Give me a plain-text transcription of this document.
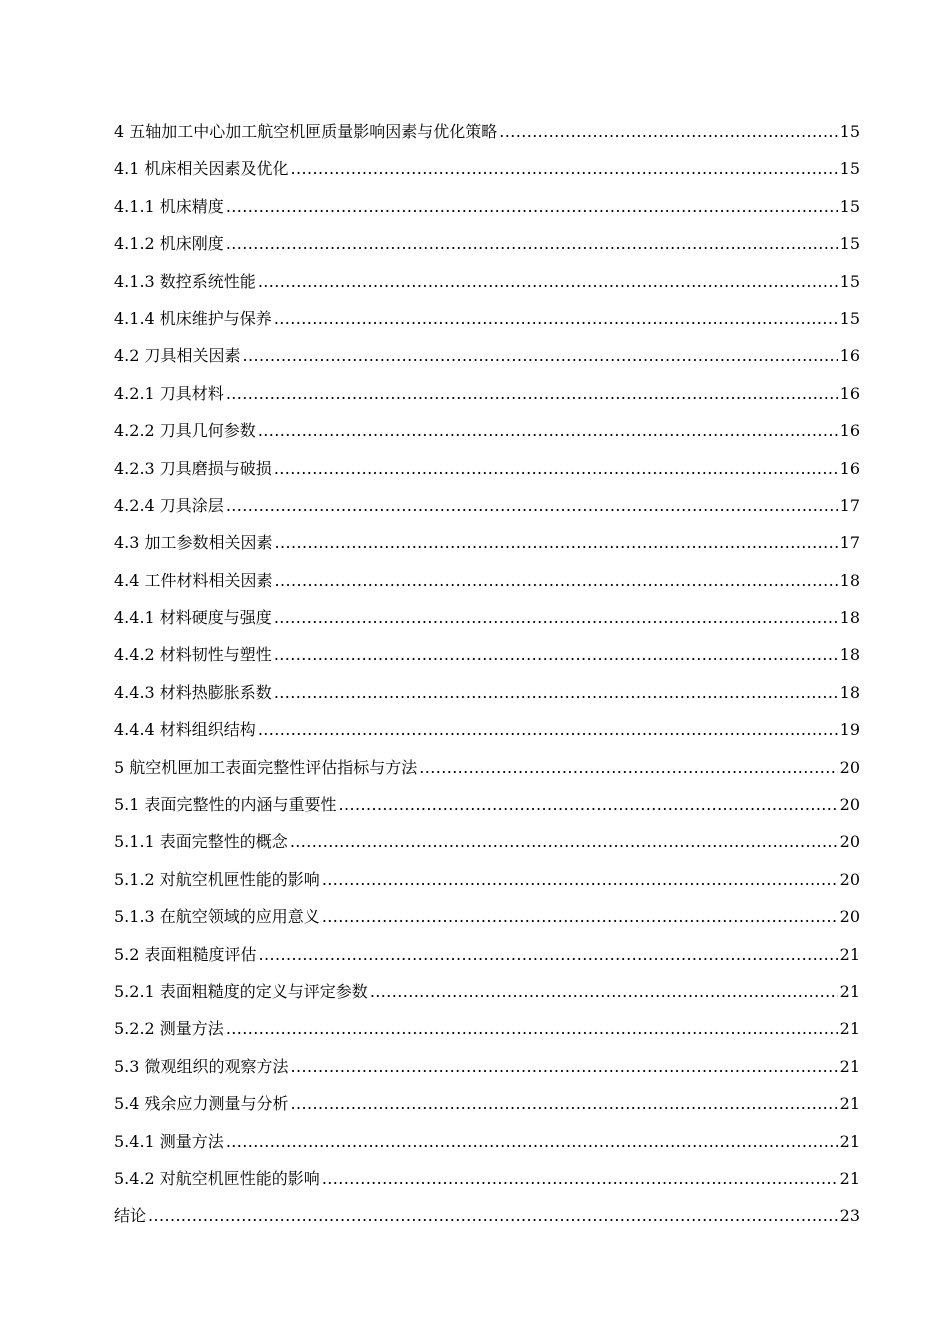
4 五轴加工中心加工航空机匣质量影响因素与优化策略 .....	15
4.1 机床相关因素及优化 .....	15
4.1.1 机床精度 .....	15
4.1.2 机床刚度 .....	15
4.1.3 数控系统性能 .....	15
4.1.4 机床维护与保养 .....	15
4.2 刀具相关因素 .....	16
4.2.1 刀具材料 .....	16
4.2.2 刀具几何参数 .....	16
4.2.3 刀具磨损与破损 .....	16
4.2.4 刀具涂层 .....	17
4.3 加工参数相关因素 .....	17
4.4 工件材料相关因素 .....	18
4.4.1 材料硬度与强度 .....	18
4.4.2 材料韧性与塑性 .....	18
4.4.3 材料热膨胀系数 .....	18
4.4.4 材料组织结构 .....	19
5 航空机匣加工表面完整性评估指标与方法 .....	20
5.1 表面完整性的内涵与重要性 .....	20
5.1.1 表面完整性的概念 .....	20
5.1.2 对航空机匣性能的影响 .....	20
5.1.3 在航空领域的应用意义 .....	20
5.2 表面粗糙度评估 .....	21
5.2.1 表面粗糙度的定义与评定参数 .....	21
5.2.2 测量方法 .....	21
5.3 微观组织的观察方法 .....	21
5.4 残余应力测量与分析 .....	21
5.4.1 测量方法 .....	21
5.4.2 对航空机匣性能的影响 .....	21
结论 .....	23
